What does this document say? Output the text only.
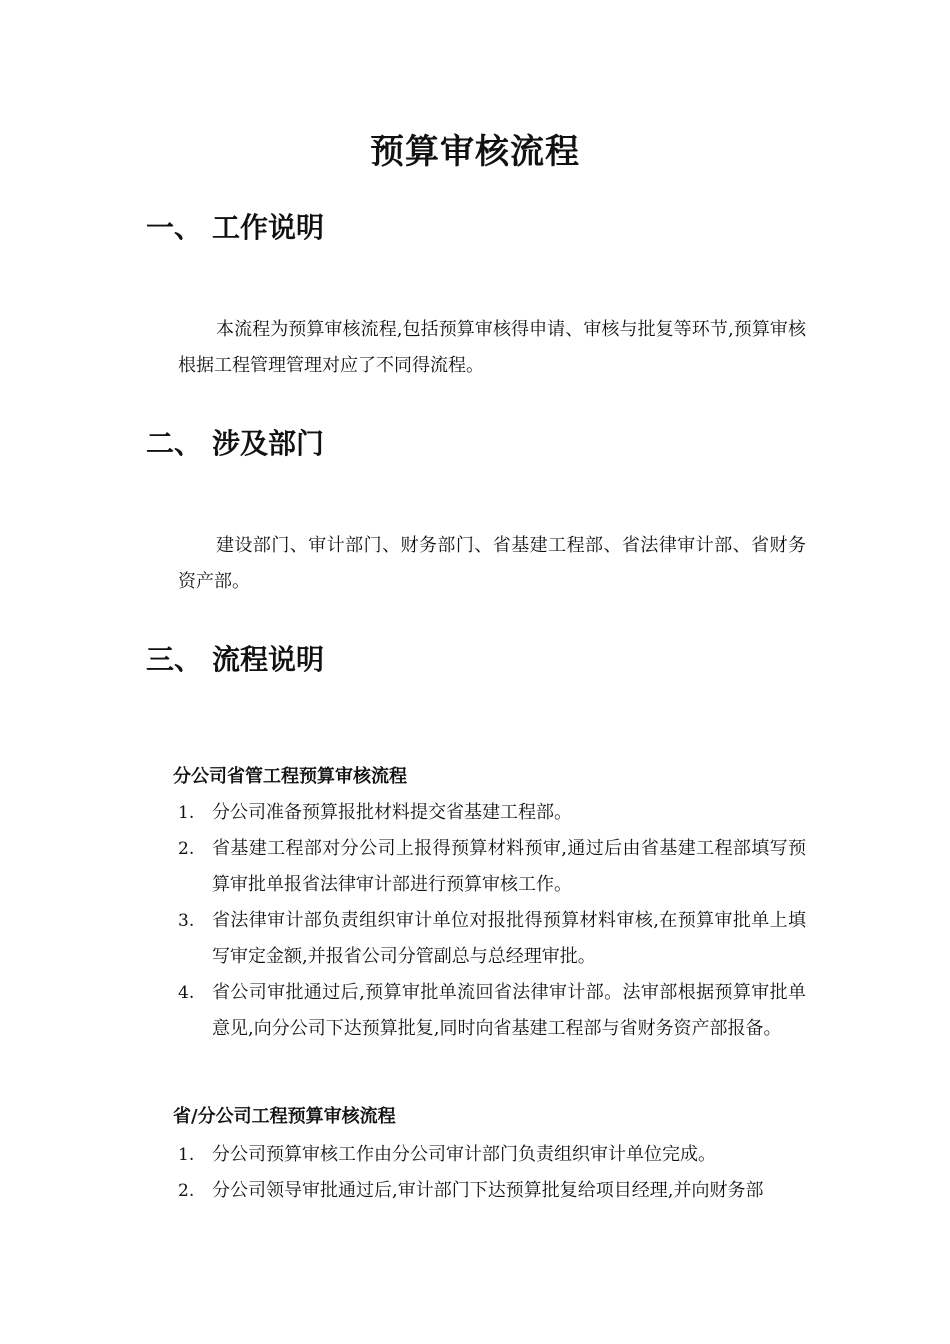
预算审核流程
一、 工作说明

本流程为预算审核流程,包括预算审核得申请、审核与批复等环节,预算审核根据工程管理管理对应了不同得流程。

二、 涉及部门

建设部门、审计部门、财务部门、省基建工程部、省法律审计部、省财务资产部。

三、 流程说明
分公司省管工程预算审核流程
1. 分公司准备预算报批材料提交省基建工程部。
2. 省基建工程部对分公司上报得预算材料预审,通过后由省基建工程部填写预算审批单报省法律审计部进行预算审核工作。
3. 省法律审计部负责组织审计单位对报批得预算材料审核,在预算审批单上填写审定金额,并报省公司分管副总与总经理审批。
4. 省公司审批通过后,预算审批单流回省法律审计部。法审部根据预算审批单意见,向分公司下达预算批复,同时向省基建工程部与省财务资产部报备。
省/分公司工程预算审核流程
1. 分公司预算审核工作由分公司审计部门负责组织审计单位完成。
2. 分公司领导审批通过后,审计部门下达预算批复给项目经理,并向财务部
